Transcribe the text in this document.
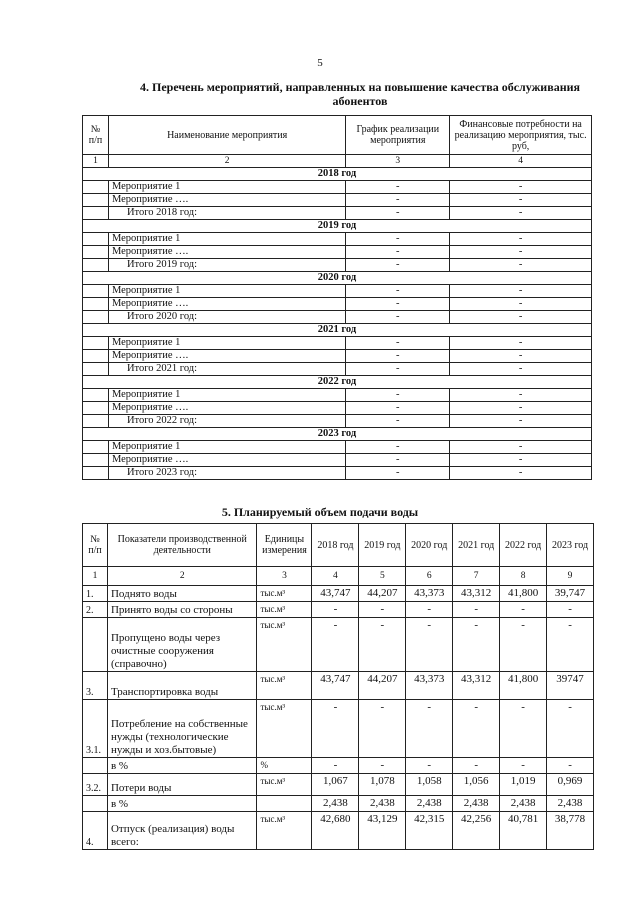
5
4. Перечень мероприятий, направленных на повышение качества обслуживания абонентов
№ п/п	Наименование мероприятия	График реализации мероприятия	Финансовые потребности на реализацию мероприятия, тыс. руб,
1	2	3	4
2018 год			
	Мероприятие 1	-	-
	Мероприятие ….	-	-
	Итого 2018 год:	-	-
2019 год			
	Мероприятие 1	-	-
	Мероприятие ….	-	-
	Итого 2019 год:	-	-
2020 год			
	Мероприятие 1	-	-
	Мероприятие ….	-	-
	Итого 2020 год:	-	-
2021 год			
	Мероприятие 1	-	-
	Мероприятие ….	-	-
	Итого 2021 год:	-	-
2022 год			
	Мероприятие 1	-	-
	Мероприятие ….	-	-
	Итого 2022 год:	-	-
2023 год			
	Мероприятие 1	-	-
	Мероприятие ….	-	-
	Итого 2023 год:	-	-
5. Планируемый объем подачи воды
№ п/п	Показатели производственной деятельности	Единицы измерения	2018 год	2019 год	2020 год	2021 год	2022 год	2023 год
1	2	3	4	5	6	7	8	9
1.	Поднято воды	тыс.м³	43,747	44,207	43,373	43,312	41,800	39,747
2.	Принято воды со стороны	тыс.м³	-	-	-	-	-	-
	Пропущено воды через очистные сооружения (справочно)	тыс.м³	-	-	-	-	-	-
3.	Транспортировка воды	тыс.м³	43,747	44,207	43,373	43,312	41,800	39747
3.1.	Потребление на собственные нужды (технологические нужды и хоз.бытовые)	тыс.м³	-	-	-	-	-	-
	в %	%	-	-	-	-	-	-
3.2.	Потери воды	тыс.м³	1,067	1,078	1,058	1,056	1,019	0,969
	в %		2,438	2,438	2,438	2,438	2,438	2,438
4.	Отпуск (реализация) воды всего:	тыс.м³	42,680	43,129	42,315	42,256	40,781	38,778
